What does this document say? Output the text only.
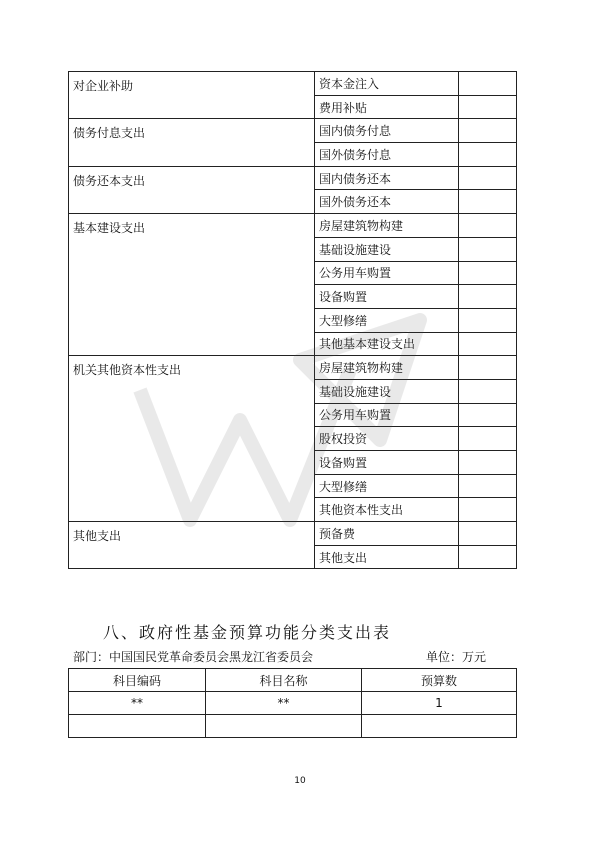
对企业补助	资本金注入	
	费用补贴	
债务付息支出	国内债务付息	
	国外债务付息	
债务还本支出	国内债务还本	
	国外债务还本	
基本建设支出	房屋建筑物构建	
	基础设施建设	
	公务用车购置	
	设备购置	
	大型修缮	
	其他基本建设支出	
机关其他资本性支出	房屋建筑物构建	
	基础设施建设	
	公务用车购置	
	股权投资	
	设备购置	
	大型修缮	
	其他资本性支出	
其他支出	预备费	
	其他支出	
八、政府性基金预算功能分类支出表
部门：中国国民党革命委员会黑龙江省委员会	单位：万元
科目编码	科目名称	预算数
**	**	1

10
